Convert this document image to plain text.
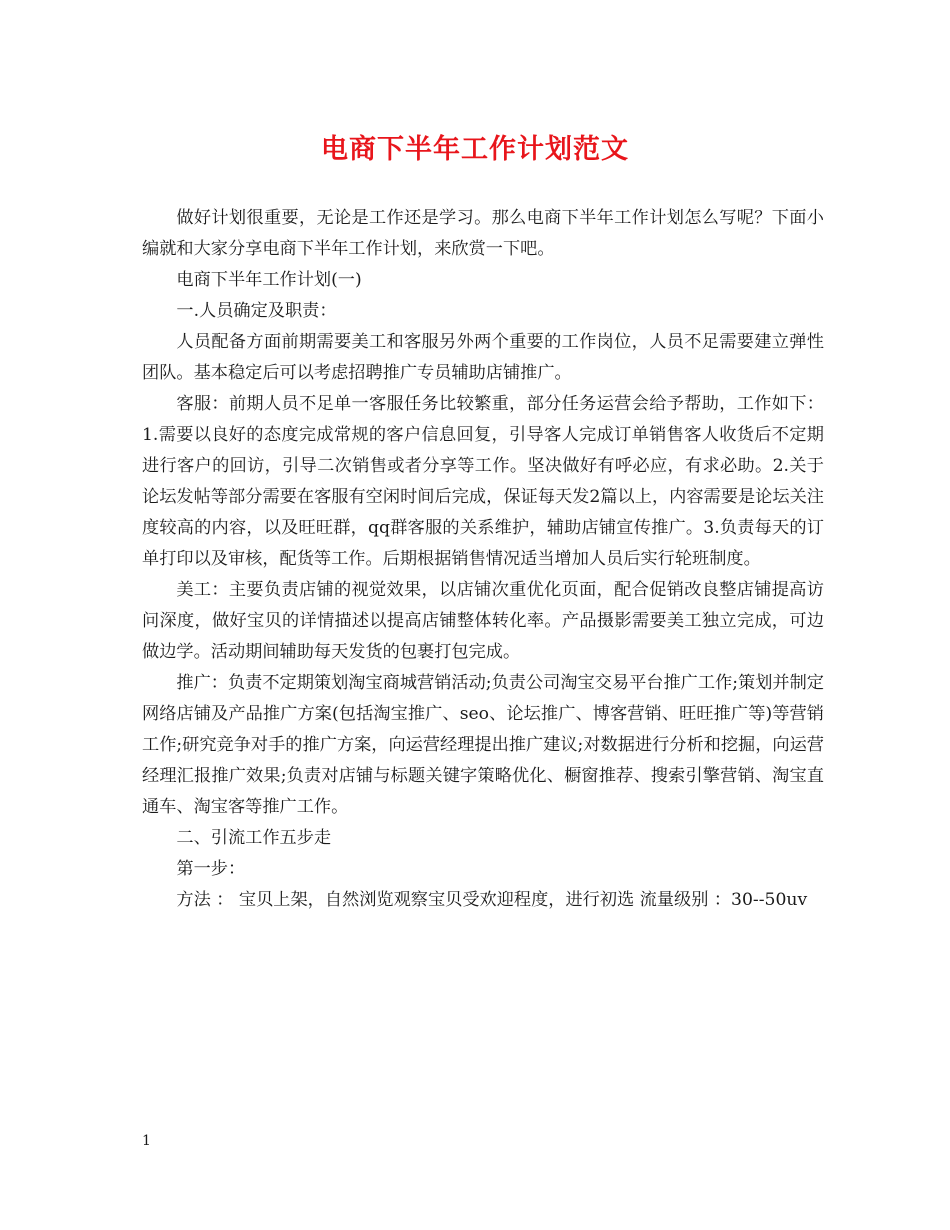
电商下半年工作计划范文

做好计划很重要，无论是工作还是学习。那么电商下半年工作计划怎么写呢？下面小编就和大家分享电商下半年工作计划，来欣赏一下吧。

电商下半年工作计划(一)

一.人员确定及职责：

人员配备方面前期需要美工和客服另外两个重要的工作岗位，人员不足需要建立弹性团队。基本稳定后可以考虑招聘推广专员辅助店铺推广。

客服：前期人员不足单一客服任务比较繁重，部分任务运营会给予帮助，工作如下：1.需要以良好的态度完成常规的客户信息回复，引导客人完成订单销售客人收货后不定期进行客户的回访，引导二次销售或者分享等工作。坚决做好有呼必应，有求必助。2.关于论坛发帖等部分需要在客服有空闲时间后完成，保证每天发2篇以上，内容需要是论坛关注度较高的内容，以及旺旺群，qq群客服的关系维护，辅助店铺宣传推广。3.负责每天的订单打印以及审核，配货等工作。后期根据销售情况适当增加人员后实行轮班制度。

美工：主要负责店铺的视觉效果，以店铺次重优化页面，配合促销改良整店铺提高访问深度，做好宝贝的详情描述以提高店铺整体转化率。产品摄影需要美工独立完成，可边做边学。活动期间辅助每天发货的包裹打包完成。

推广：负责不定期策划淘宝商城营销活动;负责公司淘宝交易平台推广工作;策划并制定网络店铺及产品推广方案(包括淘宝推广、seo、论坛推广、博客营销、旺旺推广等)等营销工作;研究竞争对手的推广方案，向运营经理提出推广建议;对数据进行分析和挖掘，向运营经理汇报推广效果;负责对店铺与标题关键字策略优化、橱窗推荐、搜索引擎营销、淘宝直通车、淘宝客等推广工作。

二、引流工作五步走

第一步：

方法 ： 宝贝上架，自然浏览观察宝贝受欢迎程度，进行初选 流量级别 ：30--50uv

1
